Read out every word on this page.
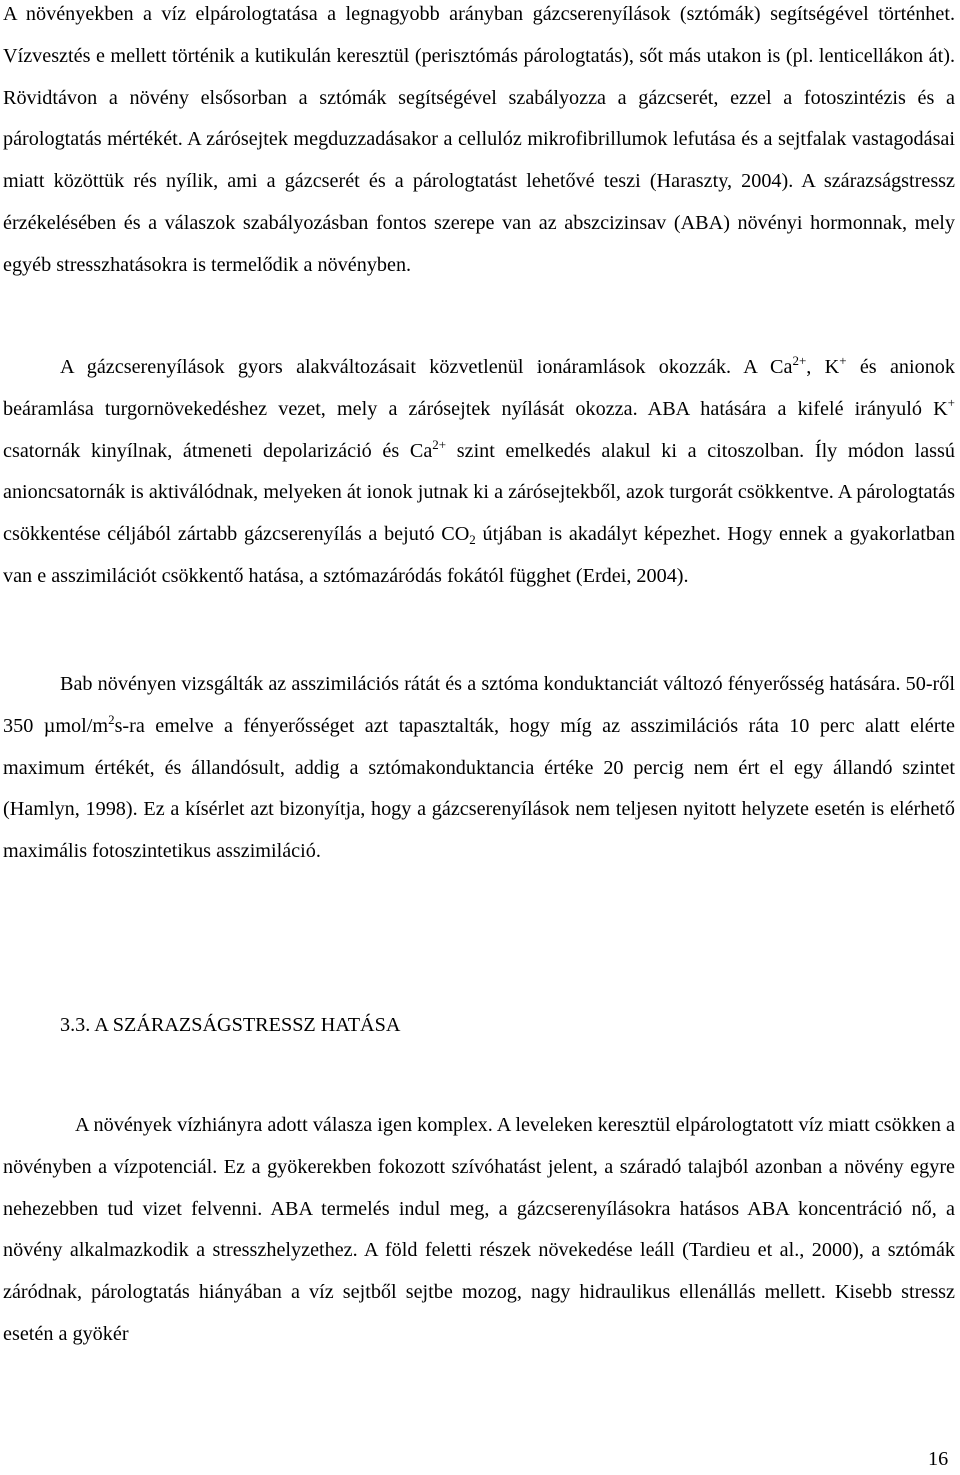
A növényekben a víz elpárologtatása a legnagyobb arányban gázcserenyílások (sztómák) segítségével történhet. Vízvesztés e mellett történik a kutikulán keresztül (perisztómás párologtatás), sőt más utakon is (pl. lenticellákon át). Rövidtávon a növény elsősorban a sztómák segítségével szabályozza a gázcserét, ezzel a fotoszintézis és a párologtatás mértékét. A zárósejtek megduzzadásakor a cellulóz mikrofibrillumok lefutása és a sejtfalak vastagodásai miatt közöttük rés nyílik, ami a gázcserét és a párologtatást lehetővé teszi (Haraszty, 2004). A szárazságstressz érzékelésében és a válaszok szabályozásban fontos szerepe van az abszcizinsav (ABA) növényi hormonnak, mely egyéb stresszhatásokra is termelődik a növényben.

A gázcserenyílások gyors alakváltozásait közvetlenül ionáramlások okozzák. A $Ca^{2+}$, K+ és anionok beáramlása turgornövekedéshez vezet, mely a zárósejtek nyílását okozza. ABA hatására a kifelé irányuló K+ csatornák kinyílnak, átmeneti depolarizáció és $Ca^{2+}$ szint emelkedés alakul ki a citoszolban. Íly módon lassú anioncsatornák is aktiválódnak, melyeken át ionok jutnak ki a zárósejtekből, azok turgorát csökkentve. A párologtatás csökkentése céljából zártabb gázcserenyílás a bejutó $CO_2$ útjában is akadályt képezhet. Hogy ennek a gyakorlatban van e asszimilációt csökkentő hatása, a sztómazáródás fokától függhet (Erdei, 2004).

Bab növényen vizsgálták az asszimilációs rátát és a sztóma konduktanciát változó fényerősség hatására. 50-ről 350 µmol/$m^2s-ra$ emelve a fényerősséget azt tapasztalták, hogy míg az asszimilációs ráta 10 perc alatt elérte maximum értékét, és állandósult, addig a sztómakonduktancia értéke 20 percig nem ért el egy állandó szintet (Hamlyn, 1998). Ez a kísérlet azt bizonyítja, hogy a gázcserenyílások nem teljesen nyitott helyzete esetén is elérhető maximális fotoszintetikus asszimiláció.

3.3. A SZÁRAZSÁGSTRESSZ HATÁSA

A növények vízhiányra adott válasza igen komplex. A leveleken keresztül elpárologtatott víz miatt csökken a növényben a vízpotenciál. Ez a gyökerekben fokozott szívóhatást jelent, a száradó talajból azonban a növény egyre nehezebben tud vizet felvenni. ABA termelés indul meg, a gázcserenyílásokra hatásos ABA koncentráció nő, a növény alkalmazkodik a stresszhelyzethez. A föld feletti részek növekedése leáll (Tardieu et al., 2000), a sztómák záródnak, párologtatás hiányában a víz sejtből sejtbe mozog, nagy hidraulikus ellenállás mellett. Kisebb stressz esetén a gyökér

16
